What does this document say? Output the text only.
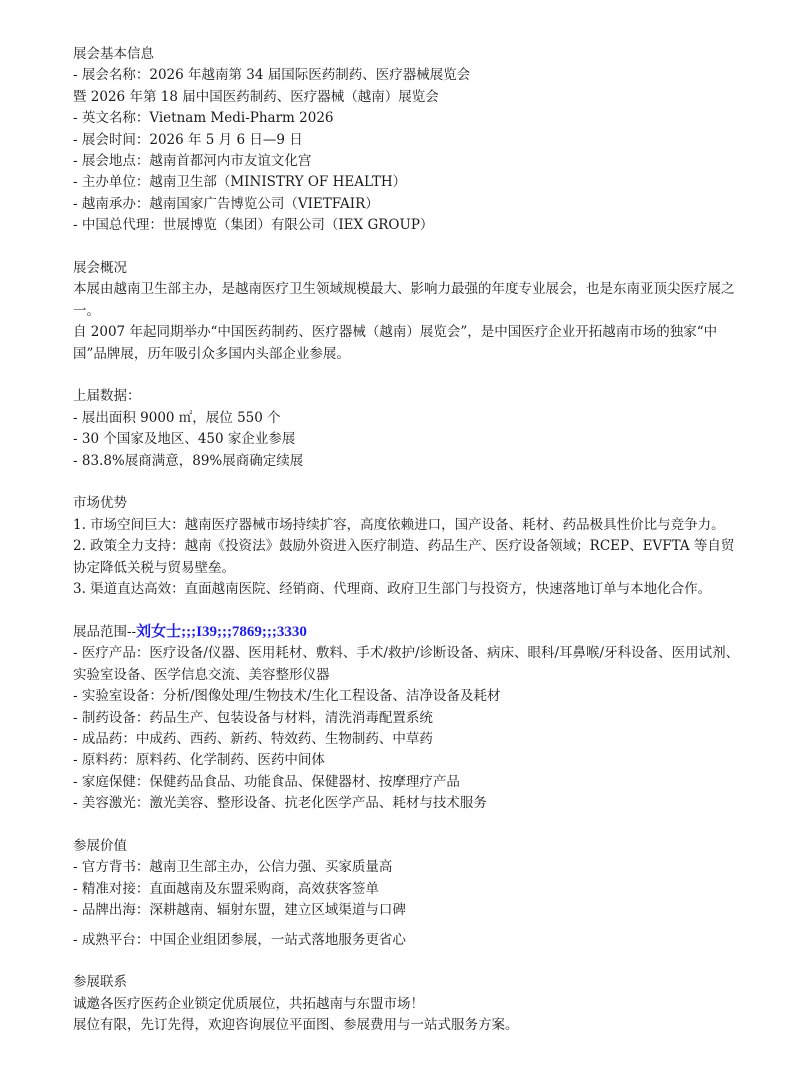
展会基本信息
- 展会名称：2026 年越南第 34 届国际医药制药、医疗器械展览会
暨 2026 年第 18 届中国医药制药、医疗器械（越南）展览会
- 英文名称：Vietnam Medi-Pharm 2026
- 展会时间：2026 年 5 月 6 日—9 日
- 展会地点：越南首都河内市友谊文化宫
- 主办单位：越南卫生部（MINISTRY OF HEALTH）
- 越南承办：越南国家广告博览公司（VIETFAIR）
- 中国总代理：世展博览（集团）有限公司（IEX GROUP）
展会概况
本展由越南卫生部主办，是越南医疗卫生领域规模最大、影响力最强的年度专业展会，也是东南亚顶尖医疗展之一。
自 2007 年起同期举办“中国医药制药、医疗器械（越南）展览会”，是中国医疗企业开拓越南市场的独家“中国”品牌展，历年吸引众多国内头部企业参展。
上届数据：
- 展出面积 9000 ㎡，展位 550 个
- 30 个国家及地区、450 家企业参展
- 83.8%展商满意，89%展商确定续展
市场优势
1. 市场空间巨大：越南医疗器械市场持续扩容，高度依赖进口，国产设备、耗材、药品极具性价比与竞争力。
2. 政策全力支持：越南《投资法》鼓励外资进入医疗制造、药品生产、医疗设备领域；RCEP、EVFTA 等自贸协定降低关税与贸易壁垒。
3. 渠道直达高效：直面越南医院、经销商、代理商、政府卫生部门与投资方，快速落地订单与本地化合作。
展品范围--刘女士;;;I39;;;7869;;;3330
- 医疗产品：医疗设备/仪器、医用耗材、敷料、手术/救护/诊断设备、病床、眼科/耳鼻喉/牙科设备、医用试剂、实验室设备、医学信息交流、美容整形仪器
- 实验室设备：分析/图像处理/生物技术/生化工程设备、洁净设备及耗材
- 制药设备：药品生产、包装设备与材料，清洗消毒配置系统
- 成品药：中成药、西药、新药、特效药、生物制药、中草药
- 原料药：原料药、化学制药、医药中间体
- 家庭保健：保健药品食品、功能食品、保健器材、按摩理疗产品
- 美容激光：激光美容、整形设备、抗老化医学产品、耗材与技术服务
参展价值
- 官方背书：越南卫生部主办，公信力强、买家质量高
- 精准对接：直面越南及东盟采购商，高效获客签单
- 品牌出海：深耕越南、辐射东盟，建立区域渠道与口碑
- 成熟平台：中国企业组团参展，一站式落地服务更省心
参展联系
诚邀各医疗医药企业锁定优质展位，共拓越南与东盟市场！
展位有限，先订先得，欢迎咨询展位平面图、参展费用与一站式服务方案。
